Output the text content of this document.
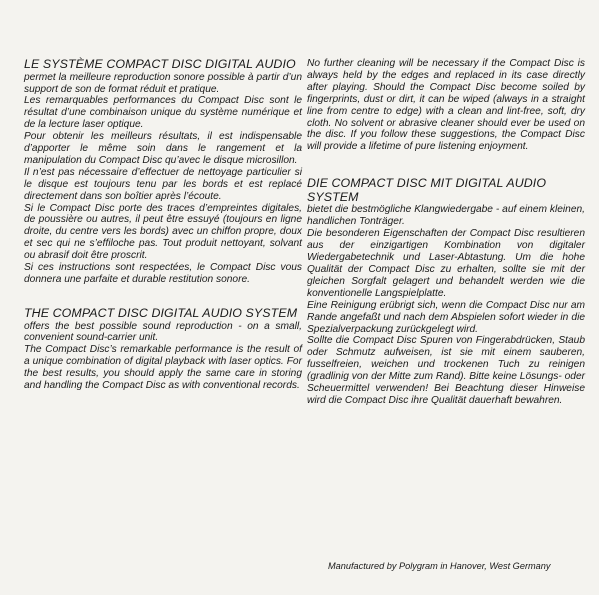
LE SYSTÈME COMPACT DISC DIGITAL AUDIO

permet la meilleure reproduction sonore possible à partir d’un support de son de format réduit et pratique.

Les remarquables performances du Compact Disc sont le résultat d’une combinaison unique du système numérique et de la lecture laser optique.

Pour obtenir les meilleurs résultats, il est indispensable d’apporter le même soin dans le rangement et la manipulation du Compact Disc qu’avec le disque microsillon.

Il n’est pas nécessaire d’effectuer de nettoyage particulier si le disque est toujours tenu par les bords et est replacé directement dans son boîtier après l’écoute.

Si le Compact Disc porte des traces d’empreintes digitales, de poussière ou autres, il peut être essuyé (toujours en ligne droite, du centre vers les bords) avec un chiffon propre, doux et sec qui ne s’effiloche pas. Tout produit nettoyant, solvant ou abrasif doit être proscrit.

Si ces instructions sont respectées, le Compact Disc vous donnera une parfaite et durable restitution sonore.

THE COMPACT DISC DIGITAL AUDIO SYSTEM

offers the best possible sound reproduction - on a small, convenient sound-carrier unit.

The Compact Disc’s remarkable performance is the result of a unique combination of digital playback with laser optics. For the best results, you should apply the same care in storing and handling the Compact Disc as with conventional records.

No further cleaning will be necessary if the Compact Disc is always held by the edges and replaced in its case directly after playing. Should the Compact Disc become soiled by fingerprints, dust or dirt, it can be wiped (always in a straight line from centre to edge) with a clean and lint-free, soft, dry cloth. No solvent or abrasive cleaner should ever be used on the disc. If you follow these suggestions, the Compact Disc will provide a lifetime of pure listening enjoyment.

DIE COMPACT DISC MIT DIGITAL AUDIO SYSTEM

bietet die bestmögliche Klangwiedergabe - auf einem kleinen, handlichen Tonträger.

Die besonderen Eigenschaften der Compact Disc resultieren aus der einzigartigen Kombination von digitaler Wiedergabetechnik und Laser-Abtastung. Um die hohe Qualität der Compact Disc zu erhalten, sollte sie mit der gleichen Sorgfalt gelagert und behandelt werden wie die konventionelle Langspielplatte.

Eine Reinigung erübrigt sich, wenn die Compact Disc nur am Rande angefaßt und nach dem Abspielen sofort wieder in die Spezialverpackung zurückgelegt wird.

Sollte die Compact Disc Spuren von Fingerabdrücken, Staub oder Schmutz aufweisen, ist sie mit einem sauberen, fusselfreien, weichen und trockenen Tuch zu reinigen (gradlinig von der Mitte zum Rand). Bitte keine Lösungs- oder Scheuermittel verwenden! Bei Beachtung dieser Hinweise wird die Compact Disc ihre Qualität dauerhaft bewahren.

Manufactured by Polygram in Hanover, West Germany
